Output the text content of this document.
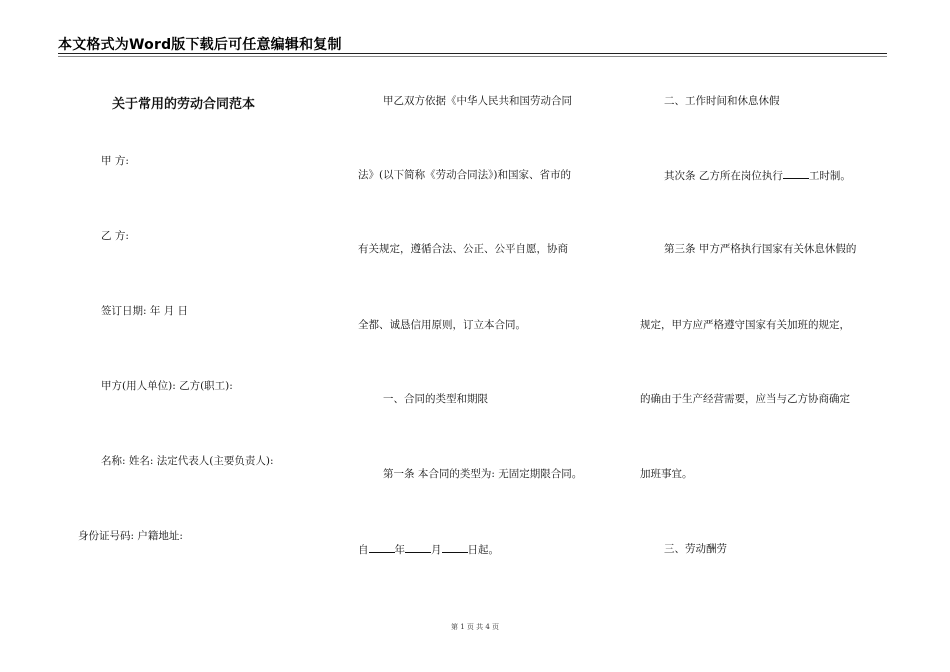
本文格式为Word版下载后可任意编辑和复制
关于常用的劳动合同范本
甲 方:
乙 方:
签订日期: 年 月 日
甲方(用人单位): 乙方(职工):
名称: 姓名: 法定代表人(主要负责人):
身份证号码: 户籍地址:
甲乙双方依据《中华人民共和国劳动合同
法》(以下简称《劳动合同法》)和国家、省市的
有关规定，遵循合法、公正、公平自愿，协商
全都、诚恳信用原则，订立本合同。
一、合同的类型和期限
第一条 本合同的类型为: 无固定期限合同。
自 年 月 日起。
二、工作时间和休息休假
其次条 乙方所在岗位执行 工时制。
第三条 甲方严格执行国家有关休息休假的
规定，甲方应严格遵守国家有关加班的规定，
的确由于生产经营需要，应当与乙方协商确定
加班事宜。
三、劳动酬劳
第 1 页 共 4 页
